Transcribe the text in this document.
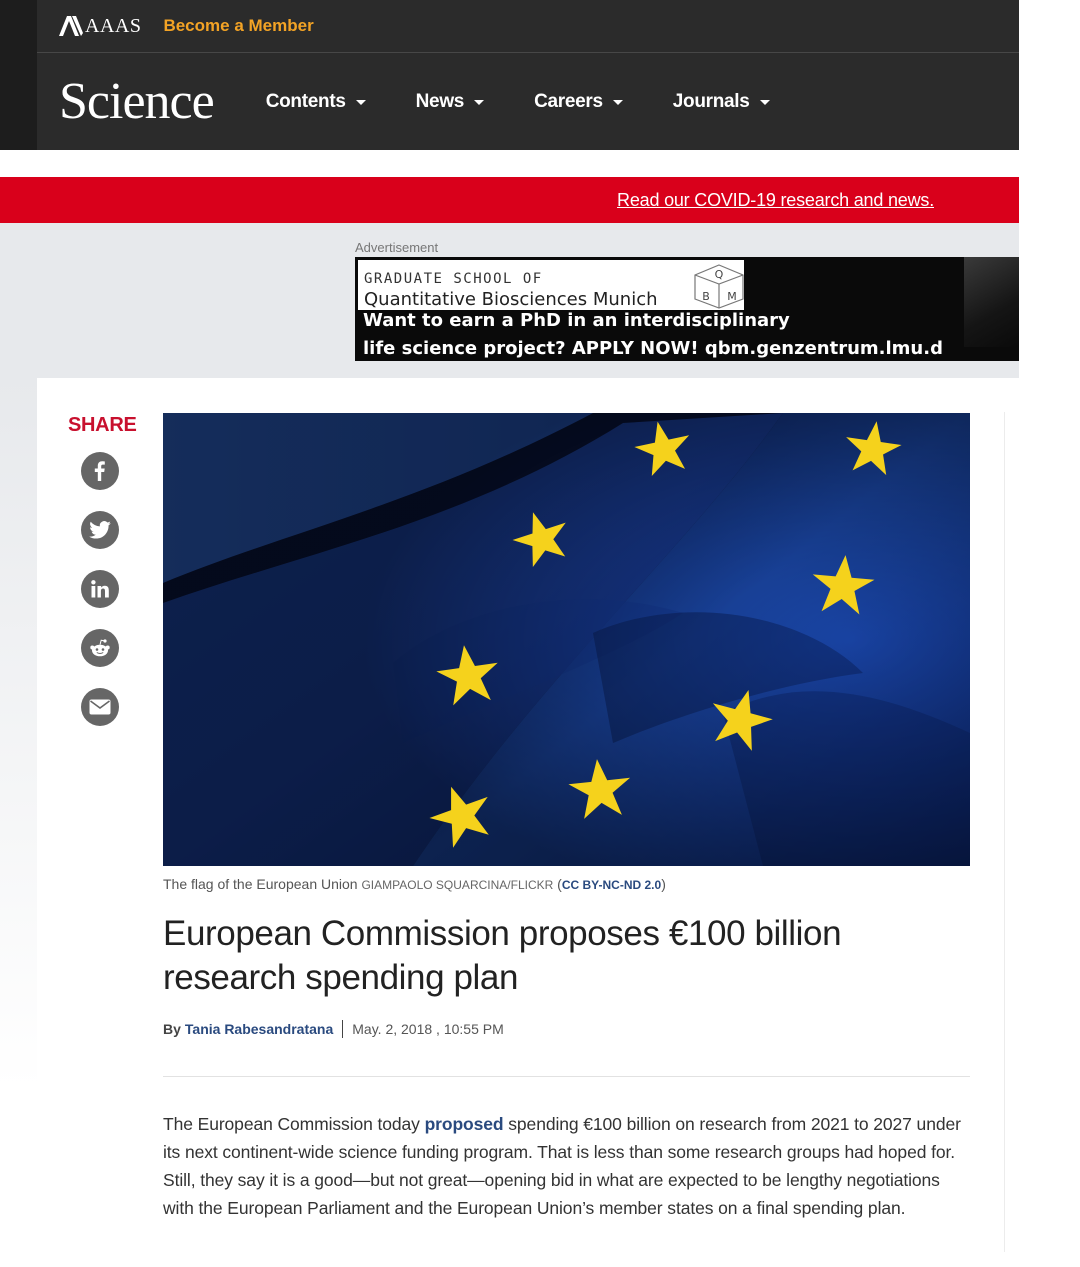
AAAS Become a Member
Science	Contents	News	Careers	Journals
Read our COVID-19 research and news.
Advertisement
GRADUATE SCHOOL OF
Quantitative Biosciences Munich
Q
B M
Want to earn a PhD in an interdisciplinary
life science project? APPLY NOW! qbm.genzentrum.lmu.d
SHARE
The flag of the European Union GIAMPAOLO SQUARCINA/FLICKR (CC BY-NC-ND 2.0)
European Commission proposes €100 billion research spending plan
By Tania Rabesandratana May. 2, 2018 , 10:55 PM

The European Commission today proposed spending €100 billion on research from 2021 to 2027 under its next continent-wide science funding program. That is less than some research groups had hoped for. Still, they say it is a good—but not great—opening bid in what are expected to be lengthy negotiations with the European Parliament and the European Union’s member states on a final spending plan.
